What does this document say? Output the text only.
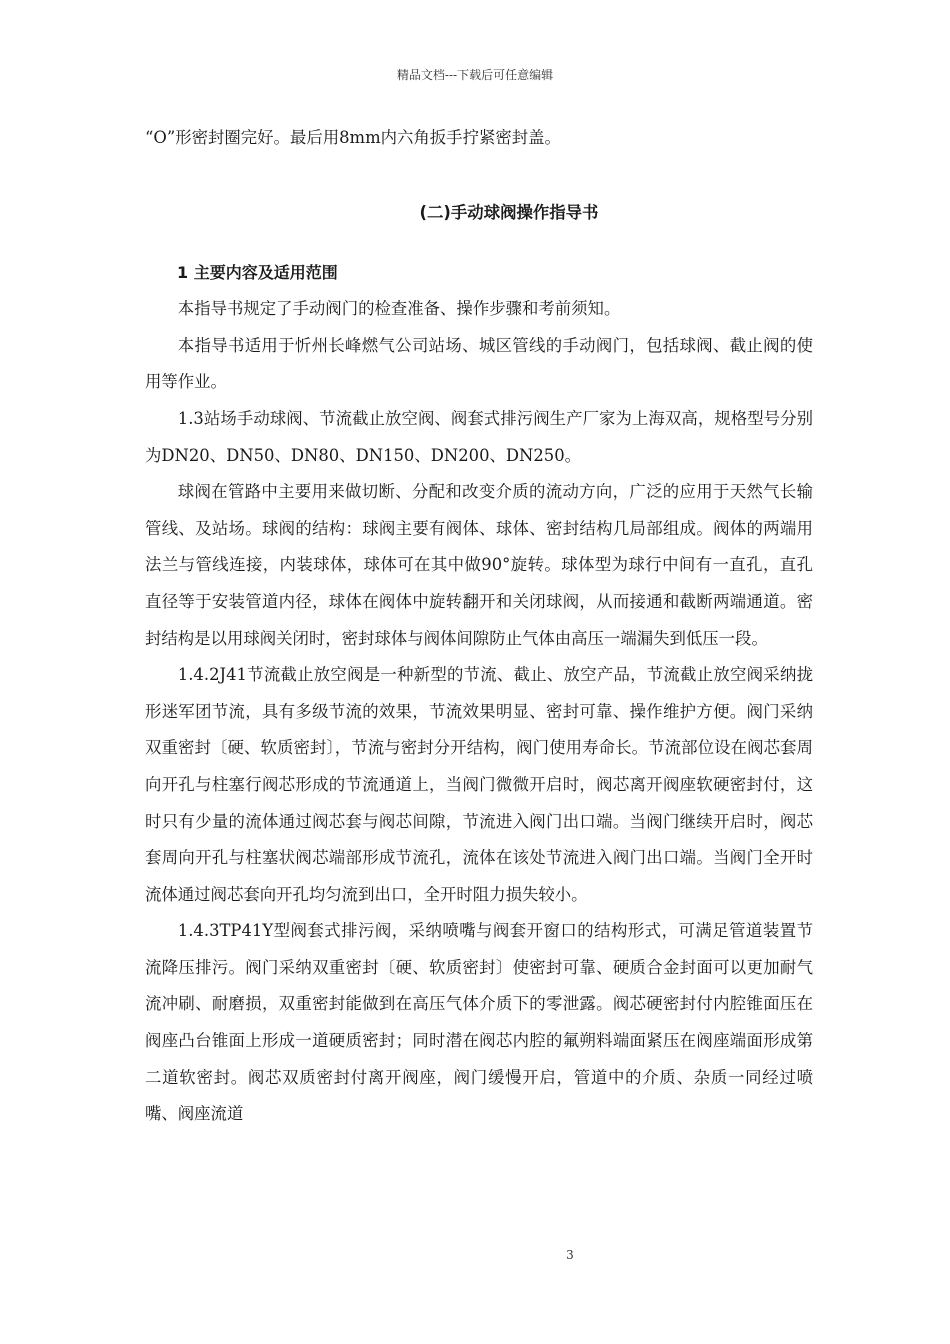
精品文档---下载后可任意编辑

“O”形密封圈完好。最后用8mm内六角扳手拧紧密封盖。

(二)手动球阀操作指导书

1 主要内容及适用范围

本指导书规定了手动阀门的检查准备、操作步骤和考前须知。

本指导书适用于忻州长峰燃气公司站场、城区管线的手动阀门，包括球阀、截止阀的使用等作业。

1.3站场手动球阀、节流截止放空阀、阀套式排污阀生产厂家为上海双高，规格型号分别为DN20、DN50、DN80、DN150、DN200、DN250。

球阀在管路中主要用来做切断、分配和改变介质的流动方向，广泛的应用于天然气长输管线、及站场。球阀的结构：球阀主要有阀体、球体、密封结构几局部组成。阀体的两端用法兰与管线连接，内装球体，球体可在其中做90°旋转。球体型为球行中间有一直孔，直孔直径等于安装管道内径，球体在阀体中旋转翻开和关闭球阀，从而接通和截断两端通道。密封结构是以用球阀关闭时，密封球体与阀体间隙防止气体由高压一端漏失到低压一段。

1.4.2J41节流截止放空阀是一种新型的节流、截止、放空产品，节流截止放空阀采纳拢形迷军团节流，具有多级节流的效果，节流效果明显、密封可靠、操作维护方便。阀门采纳双重密封〔硬、软质密封〕，节流与密封分开结构，阀门使用寿命长。节流部位设在阀芯套周向开孔与柱塞行阀芯形成的节流通道上，当阀门微微开启时，阀芯离开阀座软硬密封付，这时只有少量的流体通过阀芯套与阀芯间隙，节流进入阀门出口端。当阀门继续开启时，阀芯套周向开孔与柱塞状阀芯端部形成节流孔，流体在该处节流进入阀门出口端。当阀门全开时流体通过阀芯套向开孔均匀流到出口，全开时阻力损失较小。

1.4.3TP41Y型阀套式排污阀，采纳喷嘴与阀套开窗口的结构形式，可满足管道装置节流降压排污。阀门采纳双重密封〔硬、软质密封〕使密封可靠、硬质合金封面可以更加耐气流冲刷、耐磨损，双重密封能做到在高压气体介质下的零泄露。阀芯硬密封付内腔锥面压在阀座凸台锥面上形成一道硬质密封；同时潜在阀芯内腔的氟朔料端面紧压在阀座端面形成第二道软密封。阀芯双质密封付离开阀座，阀门缓慢开启，管道中的介质、杂质一同经过喷嘴、阀座流道

3
